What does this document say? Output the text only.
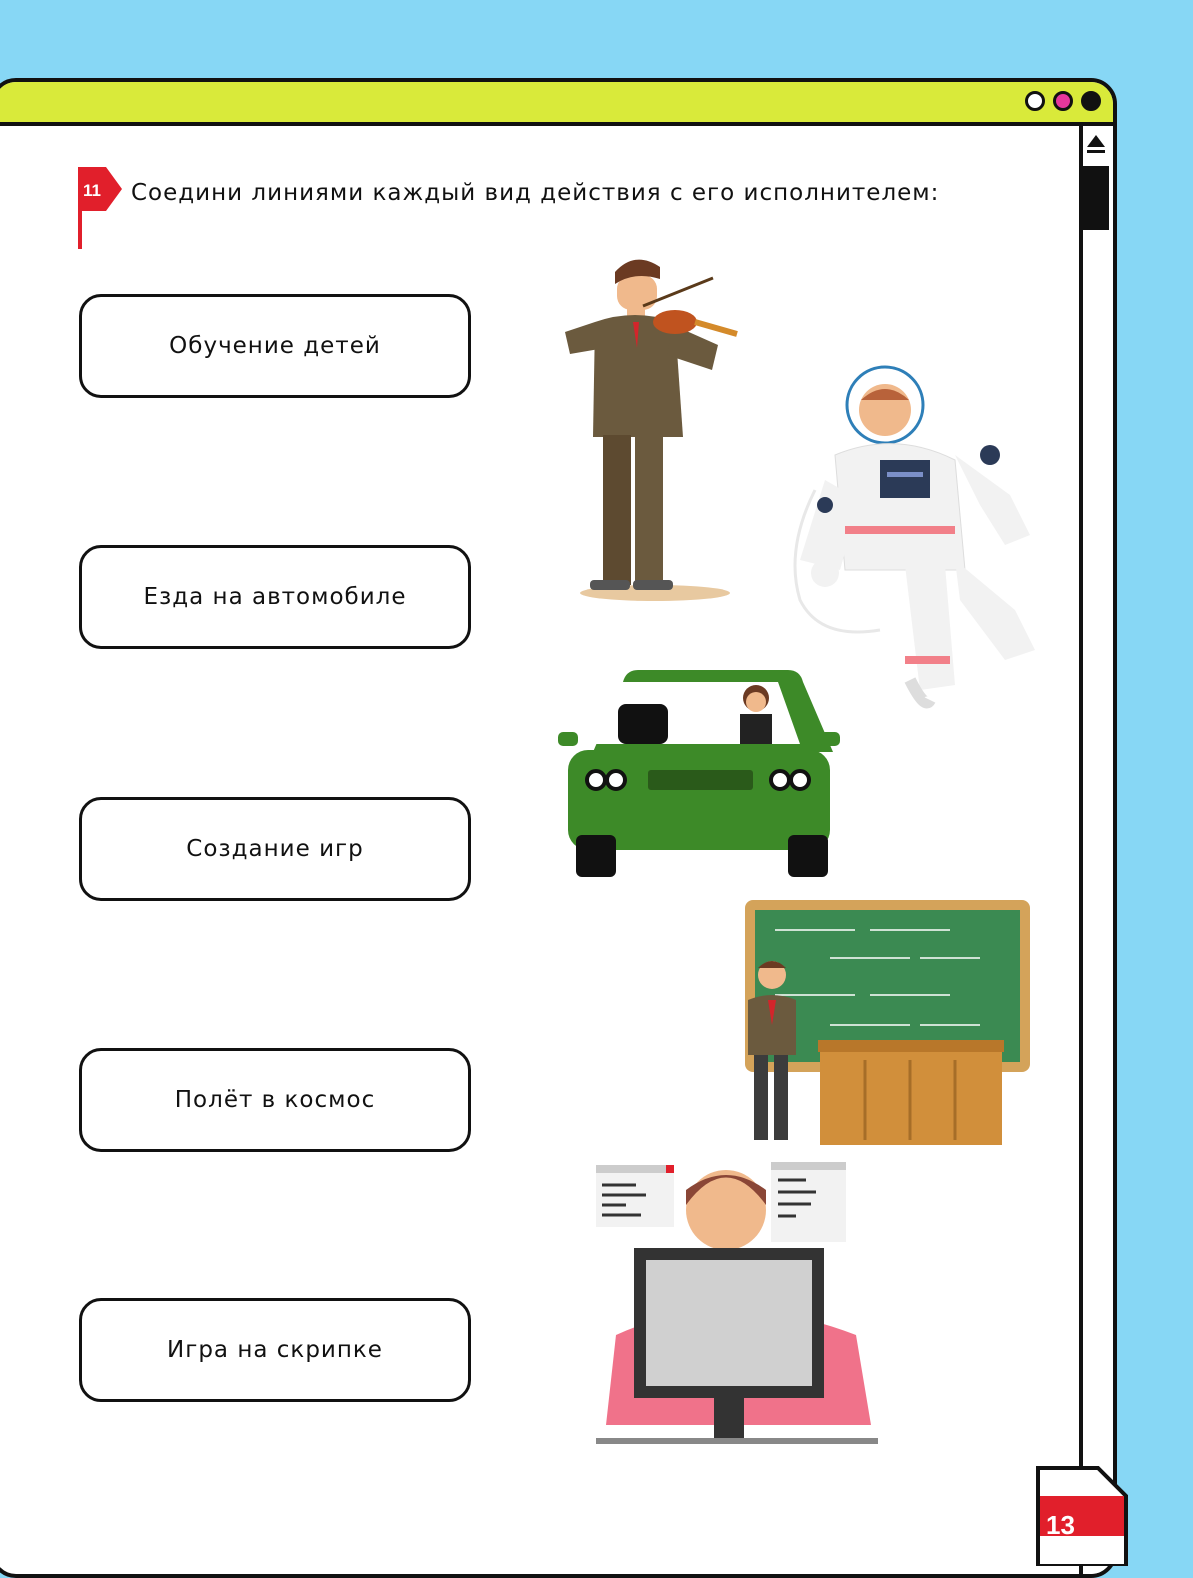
11 Соедини линиями каждый вид действия с его исполнителем:
Обучение детей
Езда на автомобиле
Создание игр
Полёт в космос
Игра на скрипке
13
